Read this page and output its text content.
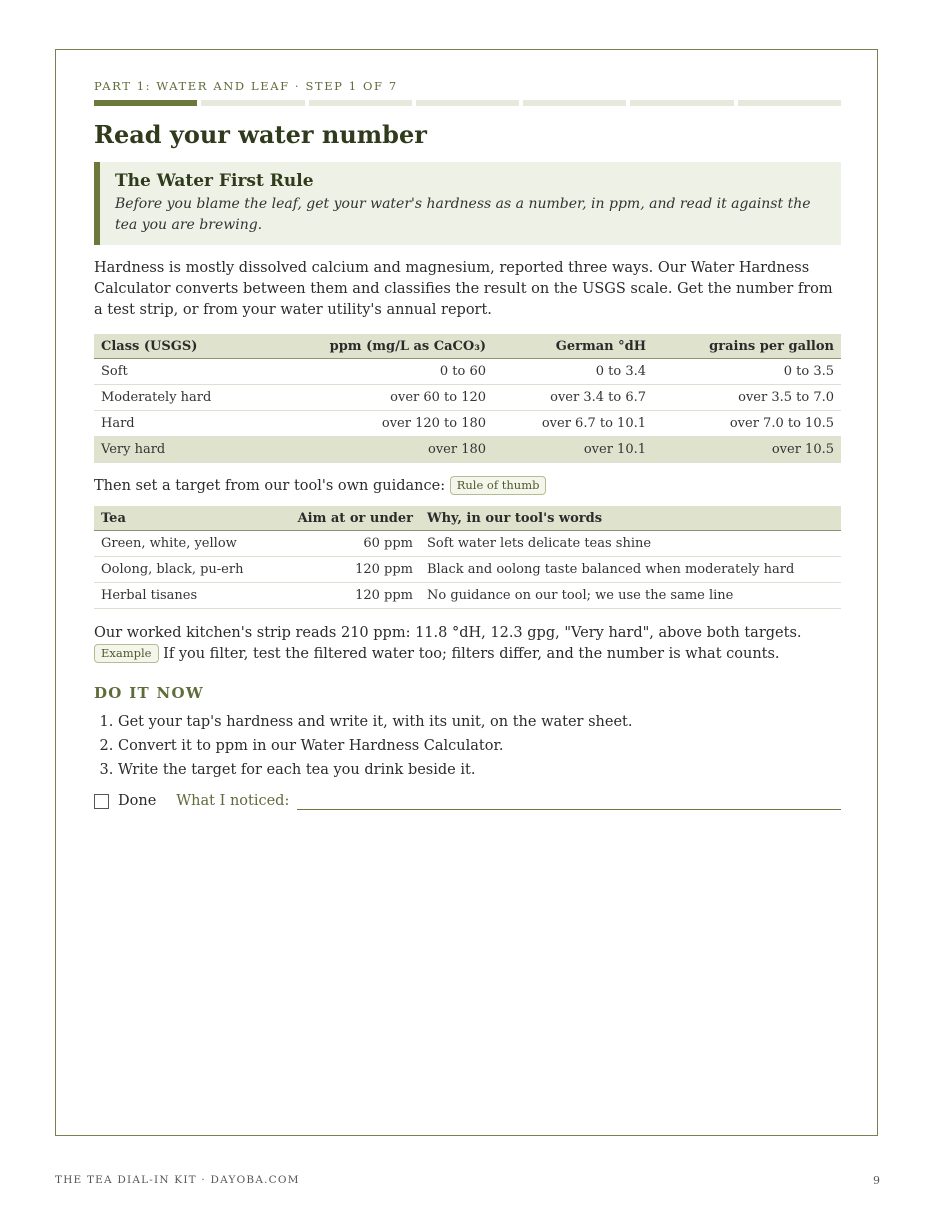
PART 1: WATER AND LEAF · STEP 1 OF 7
Read your water number
The Water First Rule
Before you blame the leaf, get your water's hardness as a number, in ppm, and read it against the tea you are brewing.

Hardness is mostly dissolved calcium and magnesium, reported three ways. Our Water Hardness Calculator converts between them and classifies the result on the USGS scale. Get the number from a test strip, or from your water utility's annual report.

Class (USGS)	ppm (mg/L as CaCO₃)	German °dH	grains per gallon
Soft	0 to 60	0 to 3.4	0 to 3.5
Moderately hard	over 60 to 120	over 3.4 to 6.7	over 3.5 to 7.0
Hard	over 120 to 180	over 6.7 to 10.1	over 7.0 to 10.5
Very hard	over 180	over 10.1	over 10.5

Then set a target from our tool's own guidance: Rule of thumb

Tea	Aim at or under	Why, in our tool's words
Green, white, yellow	60 ppm	Soft water lets delicate teas shine
Oolong, black, pu-erh	120 ppm	Black and oolong taste balanced when moderately hard
Herbal tisanes	120 ppm	No guidance on our tool; we use the same line

Our worked kitchen's strip reads 210 ppm: 11.8 °dH, 12.3 gpg, "Very hard", above both targets. Example If you filter, test the filtered water too; filters differ, and the number is what counts.

DO IT NOW
1. Get your tap's hardness and write it, with its unit, on the water sheet.
2. Convert it to ppm in our Water Hardness Calculator.
3. Write the target for each tea you drink beside it.
Done What I noticed:
THE TEA DIAL-IN KIT · DAYOBA.COM	9
